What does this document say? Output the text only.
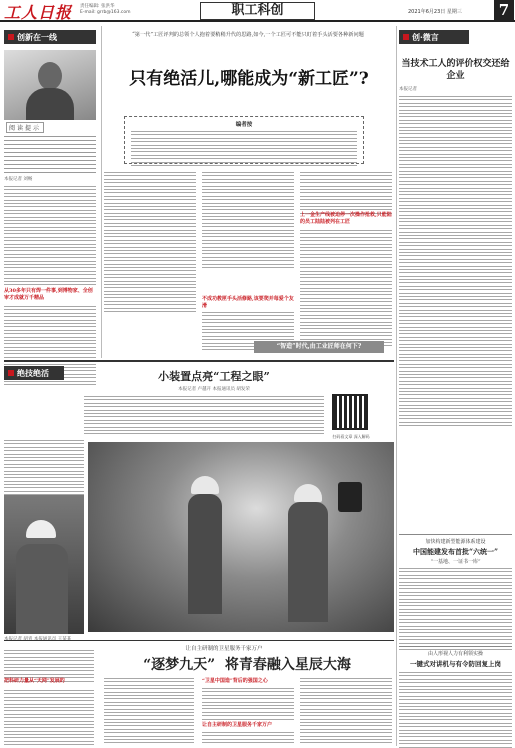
工人日报 责任编辑: 张洪华
E-mail: grrb@163.com	职工科创	2021年6月23日 星期三	7
创新在一线
阅读提示
本报记者 刘畅
从30多年只有焊一件事,到博物家、全创审才成就万千精品
“第一代”工匠评判的总领个人抱着要稍稍升代的思路,如今,一个工匠可不能只盯着手头活要各种新问题
只有绝活儿,哪能成为“新工匠”?
编者按
不成功教匣手头活修路,该要爬并每爱个友滑
上一金生产线被迫停一次操作抢救,只能陆的员工陆陆被列在工匠
“智造”时代,由工业匠师在何下?
创·微言
当技术工人的评价权交还给企业
本报记者
加快构建新型能源体系建设
中国能建发布首批“六统一”
“一基地、一证书一库”
由人形视人力有利领实操
一键式对讲机与有令防回复上岗
绝技绝活	小装置点亮“工程之眼”
本报记者 卢越开 本报通讯员 胡发荣
扫码看文章 深入解码
把科研力量从“天网”发展的
让自主研制的卫星服务千家万户
“逐梦九天”  将青春融入星辰大海
“卫星中国造”背后的强国之心
让自主研制的卫星服务千家万户
